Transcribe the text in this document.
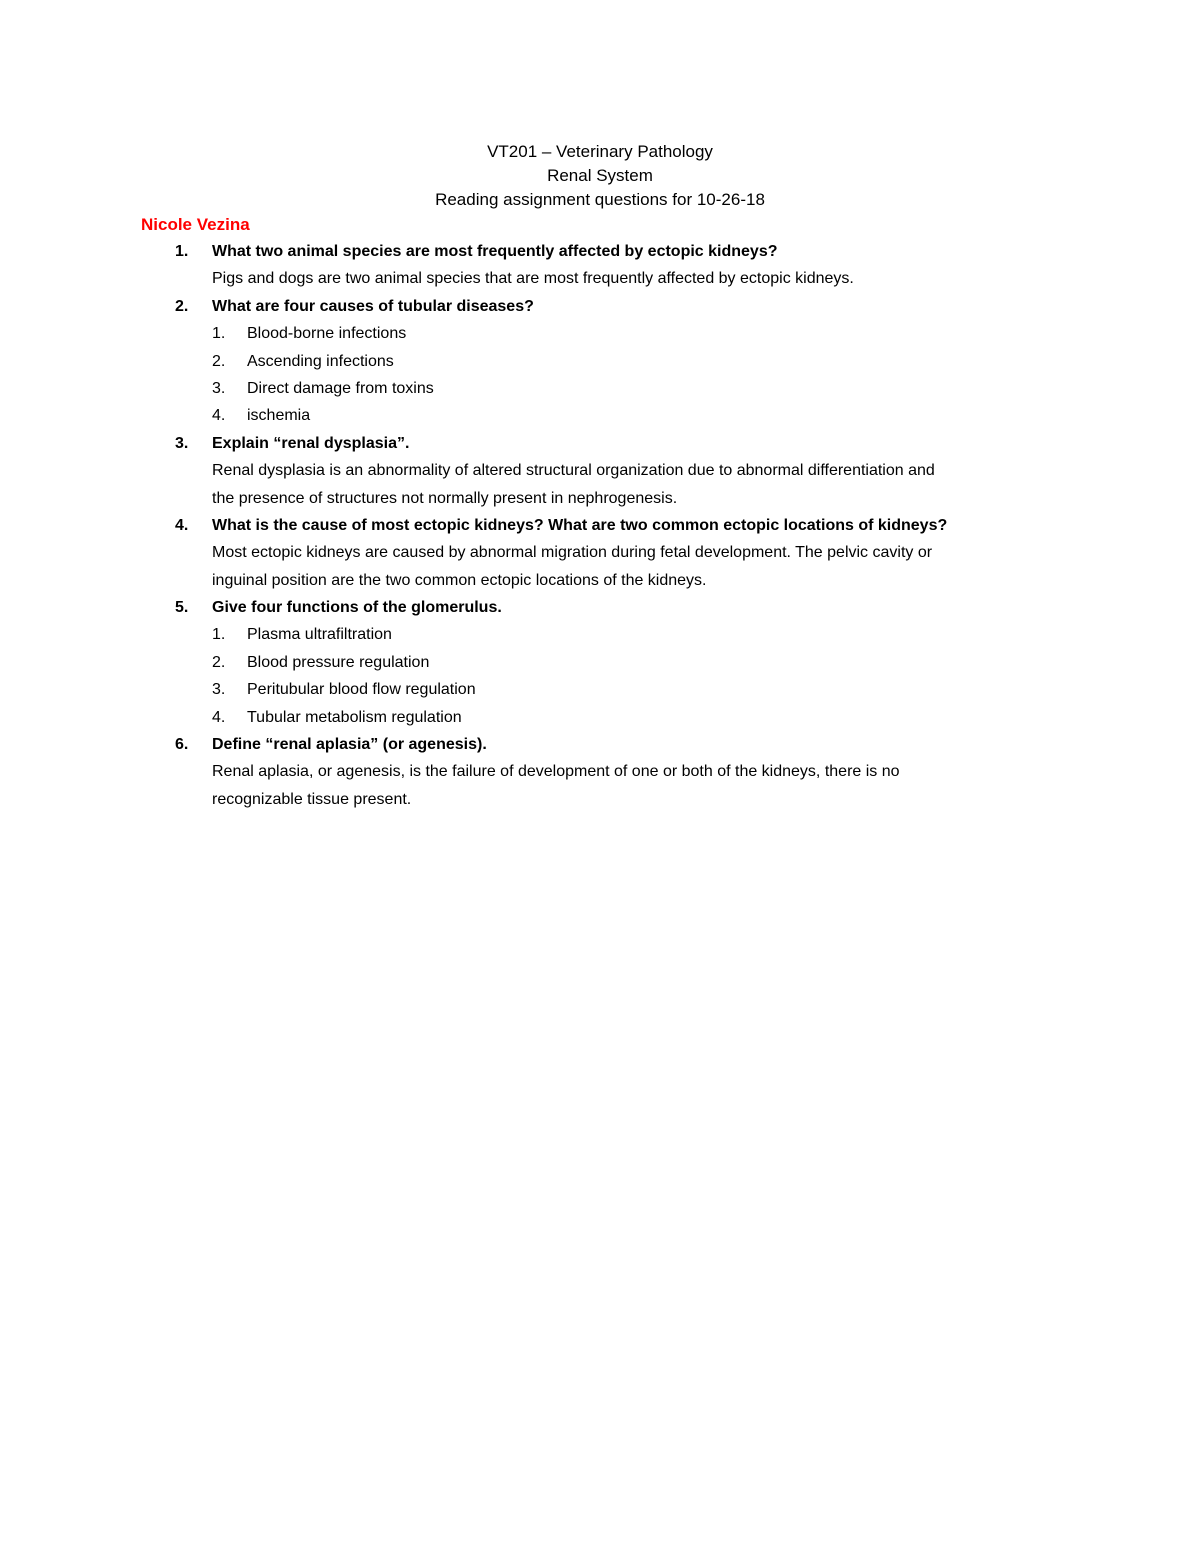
VT201 – Veterinary Pathology
Renal System
Reading assignment questions for 10-26-18
Nicole Vezina
1. What two animal species are most frequently affected by ectopic kidneys?
Pigs and dogs are two animal species that are most frequently affected by ectopic kidneys.
2. What are four causes of tubular diseases?
1. Blood-borne infections
2. Ascending infections
3. Direct damage from toxins
4. ischemia
3. Explain “renal dysplasia”.
Renal dysplasia is an abnormality of altered structural organization due to abnormal differentiation and
the presence of structures not normally present in nephrogenesis.
4. What is the cause of most ectopic kidneys? What are two common ectopic locations of kidneys?
Most ectopic kidneys are caused by abnormal migration during fetal development. The pelvic cavity or
inguinal position are the two common ectopic locations of the kidneys.
5. Give four functions of the glomerulus.
1. Plasma ultrafiltration
2. Blood pressure regulation
3. Peritubular blood flow regulation
4. Tubular metabolism regulation
6. Define “renal aplasia” (or agenesis).
Renal aplasia, or agenesis, is the failure of development of one or both of the kidneys, there is no
recognizable tissue present.
